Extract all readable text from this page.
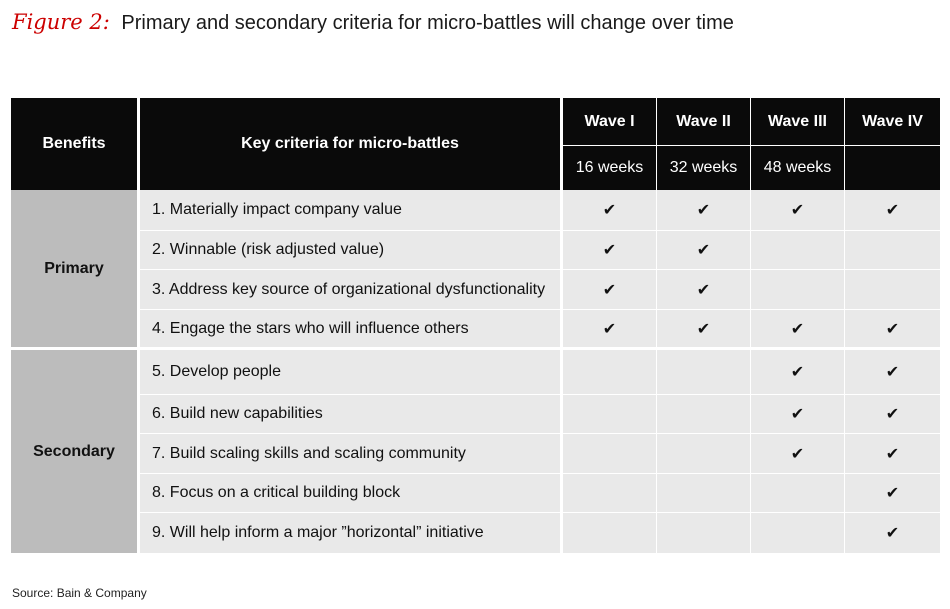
Figure 2: Primary and secondary criteria for micro-battles will change over time
Benefits	Key criteria for micro-battles	Wave I	Wave II	Wave III	Wave IV
		16 weeks	32 weeks	48 weeks	
Primary	1. Materially impact company value	✔	✔	✔	✔
	2. Winnable (risk adjusted value)	✔	✔		
	3. Address key source of organizational dysfunctionality	✔	✔		
	4. Engage the stars who will influence others	✔	✔	✔	✔
Secondary	5. Develop people			✔	✔
	6. Build new capabilities			✔	✔
	7. Build scaling skills and scaling community			✔	✔
	8. Focus on a critical building block				✔
	9. Will help inform a major ”horizontal” initiative				✔
Source: Bain & Company
